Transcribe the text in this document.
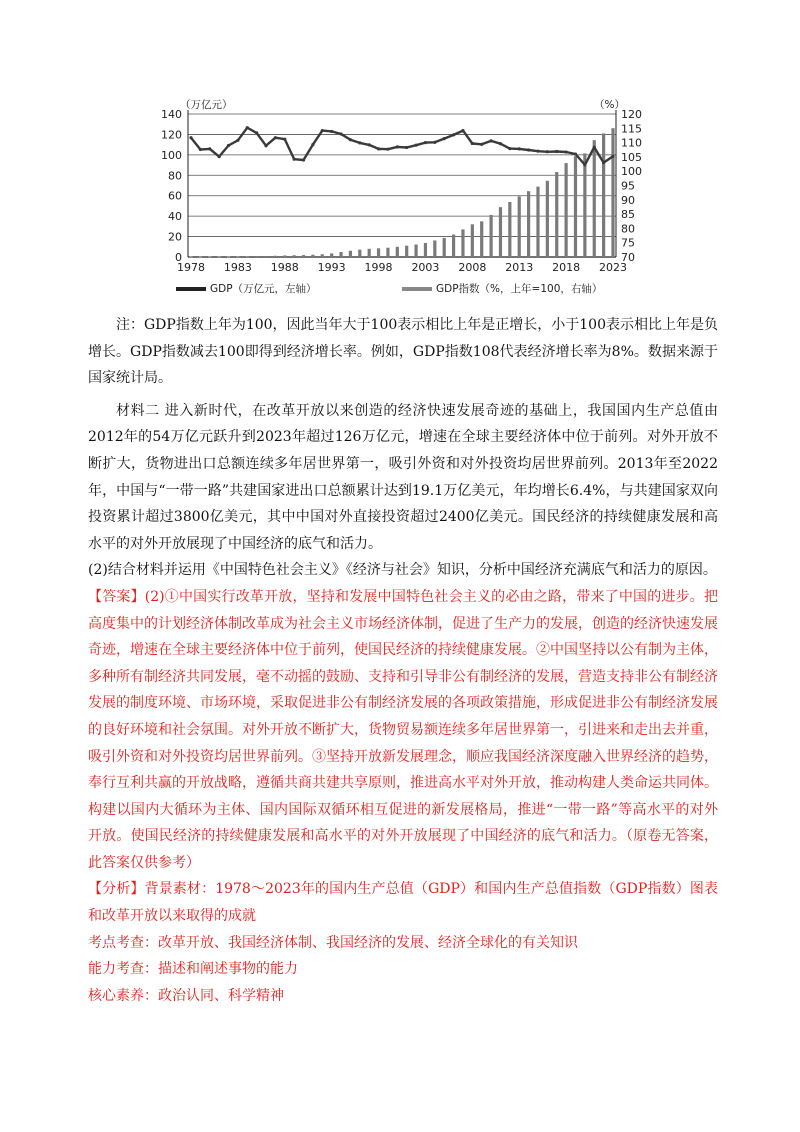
0
20
40
60
80
100
120
140
70
75
80
85
90
95
100
105
110
115
120
（万亿元）	（%）
1978 1983 1988 1993 1998 2003 2008 2013 2018 2023
GDP（万亿元，左轴）	GDP指数（%，上年=100，右轴）

注：GDP指数上年为100，因此当年大于100表示相比上年是正增长，小于100表示相比上年是负增长。GDP指数减去100即得到经济增长率。例如，GDP指数108代表经济增长率为8%。数据来源于国家统计局。

材料二 进入新时代，在改革开放以来创造的经济快速发展奇迹的基础上，我国国内生产总值由2012年的54万亿元跃升到2023年超过126万亿元，增速在全球主要经济体中位于前列。对外开放不断扩大，货物进出口总额连续多年居世界第一，吸引外资和对外投资均居世界前列。2013年至2022年，中国与“一带一路”共建国家进出口总额累计达到19.1万亿美元，年均增长6.4%，与共建国家双向投资累计超过3800亿美元，其中中国对外直接投资超过2400亿美元。国民经济的持续健康发展和高水平的对外开放展现了中国经济的底气和活力。

(2)结合材料并运用《中国特色社会主义》《经济与社会》知识，分析中国经济充满底气和活力的原因。

【答案】(2)①中国实行改革开放，坚持和发展中国特色社会主义的必由之路，带来了中国的进步。把高度集中的计划经济体制改革成为社会主义市场经济体制，促进了生产力的发展，创造的经济快速发展奇迹，增速在全球主要经济体中位于前列，使国民经济的持续健康发展。②中国坚持以公有制为主体，多种所有制经济共同发展，毫不动摇的鼓励、支持和引导非公有制经济的发展，营造支持非公有制经济发展的制度环境、市场环境，采取促进非公有制经济发展的各项政策措施，形成促进非公有制经济发展的良好环境和社会氛围。对外开放不断扩大，货物贸易额连续多年居世界第一，引进来和走出去并重，吸引外资和对外投资均居世界前列。③坚持开放新发展理念，顺应我国经济深度融入世界经济的趋势，奉行互利共赢的开放战略，遵循共商共建共享原则，推进高水平对外开放，推动构建人类命运共同体。构建以国内大循环为主体、国内国际双循环相互促进的新发展格局，推进“一带一路”等高水平的对外开放。使国民经济的持续健康发展和高水平的对外开放展现了中国经济的底气和活力。（原卷无答案，此答案仅供参考）

【分析】背景素材：1978～2023年的国内生产总值（GDP）和国内生产总值指数（GDP指数）图表和改革开放以来取得的成就

考点考查：改革开放、我国经济体制、我国经济的发展、经济全球化的有关知识

能力考查：描述和阐述事物的能力

核心素养：政治认同、科学精神
